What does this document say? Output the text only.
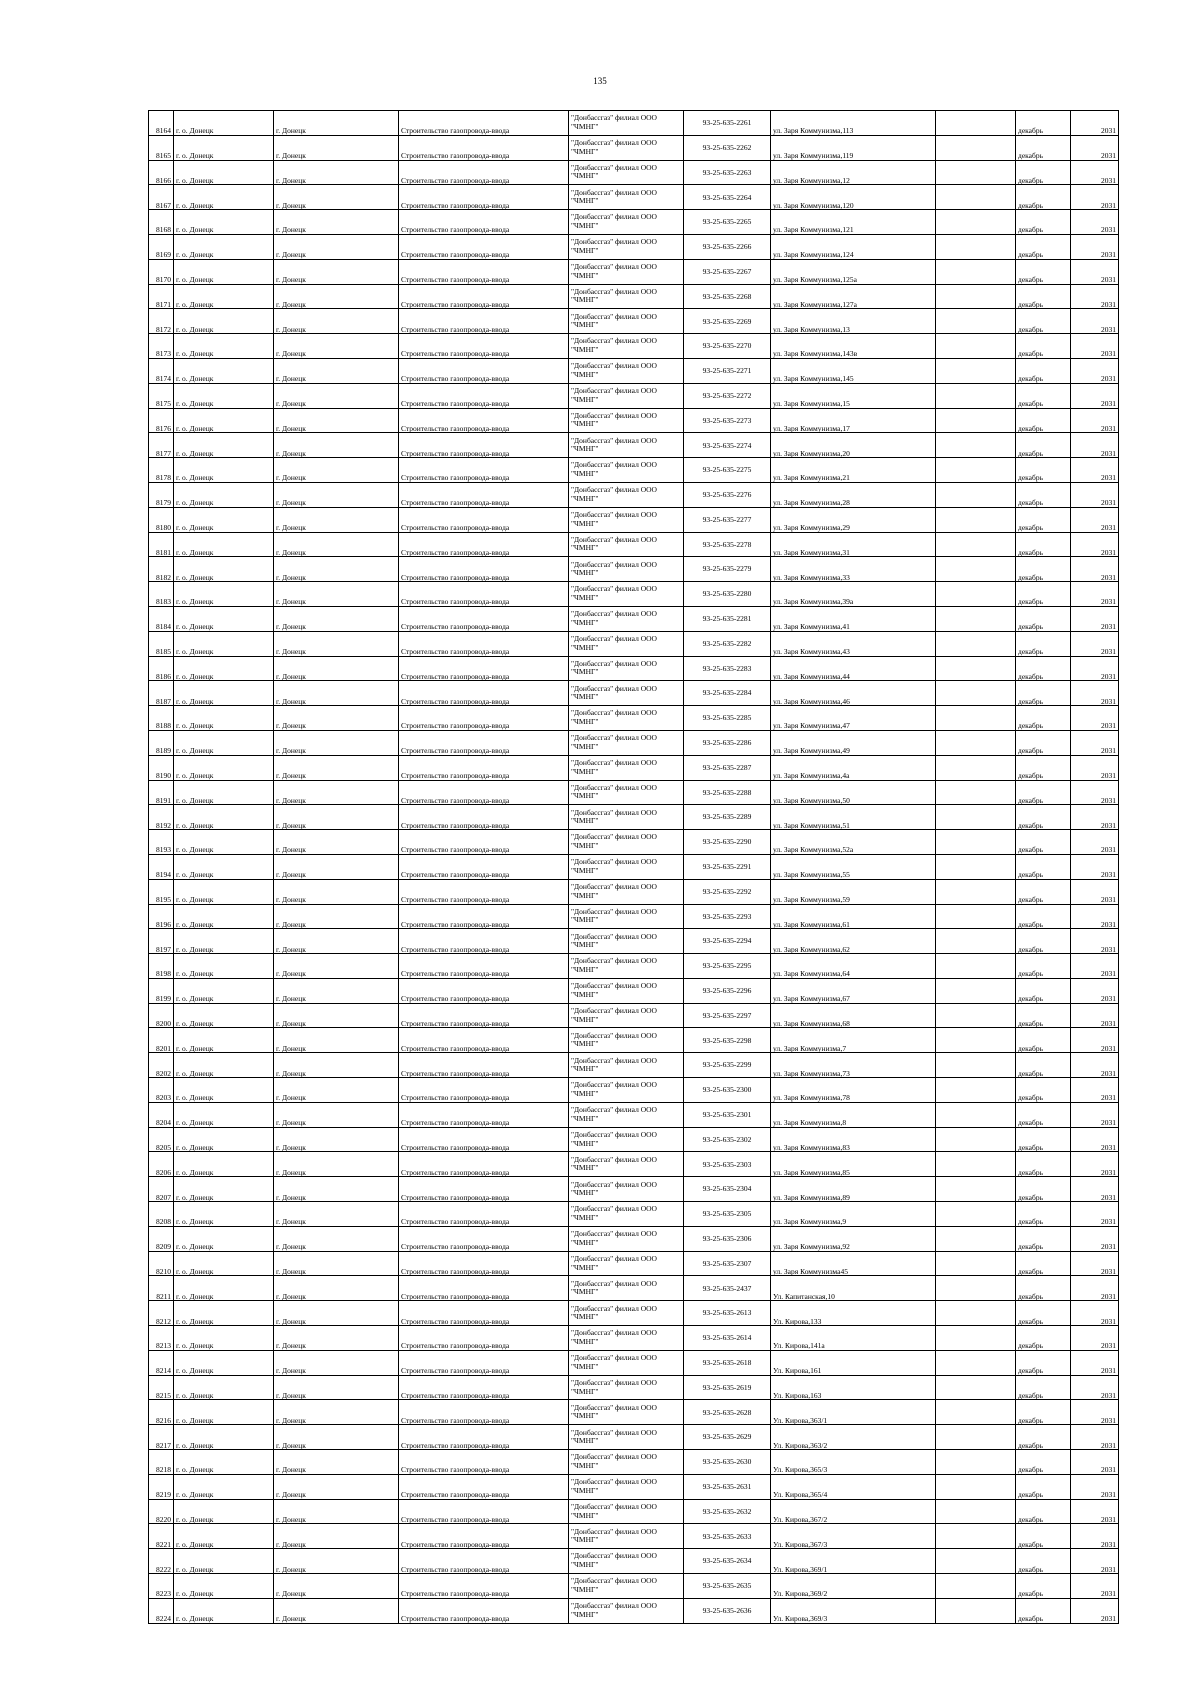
135
8164	г. о. Донецк	г. Донецк	Строительство газопровода-ввода	"Донбассгаз" филиал ООО "ЧМНГ"	93-25-635-2261	ул. Заря Коммунизма,113		декабрь	2031
8165	г. о. Донецк	г. Донецк	Строительство газопровода-ввода	"Донбассгаз" филиал ООО "ЧМНГ"	93-25-635-2262	ул. Заря Коммунизма,119		декабрь	2031
8166	г. о. Донецк	г. Донецк	Строительство газопровода-ввода	"Донбассгаз" филиал ООО "ЧМНГ"	93-25-635-2263	ул. Заря Коммунизма,12		декабрь	2031
8167	г. о. Донецк	г. Донецк	Строительство газопровода-ввода	"Донбассгаз" филиал ООО "ЧМНГ"	93-25-635-2264	ул. Заря Коммунизма,120		декабрь	2031
8168	г. о. Донецк	г. Донецк	Строительство газопровода-ввода	"Донбассгаз" филиал ООО "ЧМНГ"	93-25-635-2265	ул. Заря Коммунизма,121		декабрь	2031
8169	г. о. Донецк	г. Донецк	Строительство газопровода-ввода	"Донбассгаз" филиал ООО "ЧМНГ"	93-25-635-2266	ул. Заря Коммунизма,124		декабрь	2031
8170	г. о. Донецк	г. Донецк	Строительство газопровода-ввода	"Донбассгаз" филиал ООО "ЧМНГ"	93-25-635-2267	ул. Заря Коммунизма,125а		декабрь	2031
8171	г. о. Донецк	г. Донецк	Строительство газопровода-ввода	"Донбассгаз" филиал ООО "ЧМНГ"	93-25-635-2268	ул. Заря Коммунизма,127а		декабрь	2031
8172	г. о. Донецк	г. Донецк	Строительство газопровода-ввода	"Донбассгаз" филиал ООО "ЧМНГ"	93-25-635-2269	ул. Заря Коммунизма,13		декабрь	2031
8173	г. о. Донецк	г. Донецк	Строительство газопровода-ввода	"Донбассгаз" филиал ООО "ЧМНГ"	93-25-635-2270	ул. Заря Коммунизма,143в		декабрь	2031
8174	г. о. Донецк	г. Донецк	Строительство газопровода-ввода	"Донбассгаз" филиал ООО "ЧМНГ"	93-25-635-2271	ул. Заря Коммунизма,145		декабрь	2031
8175	г. о. Донецк	г. Донецк	Строительство газопровода-ввода	"Донбассгаз" филиал ООО "ЧМНГ"	93-25-635-2272	ул. Заря Коммунизма,15		декабрь	2031
8176	г. о. Донецк	г. Донецк	Строительство газопровода-ввода	"Донбассгаз" филиал ООО "ЧМНГ"	93-25-635-2273	ул. Заря Коммунизма,17		декабрь	2031
8177	г. о. Донецк	г. Донецк	Строительство газопровода-ввода	"Донбассгаз" филиал ООО "ЧМНГ"	93-25-635-2274	ул. Заря Коммунизма,20		декабрь	2031
8178	г. о. Донецк	г. Донецк	Строительство газопровода-ввода	"Донбассгаз" филиал ООО "ЧМНГ"	93-25-635-2275	ул. Заря Коммунизма,21		декабрь	2031
8179	г. о. Донецк	г. Донецк	Строительство газопровода-ввода	"Донбассгаз" филиал ООО "ЧМНГ"	93-25-635-2276	ул. Заря Коммунизма,28		декабрь	2031
8180	г. о. Донецк	г. Донецк	Строительство газопровода-ввода	"Донбассгаз" филиал ООО "ЧМНГ"	93-25-635-2277	ул. Заря Коммунизма,29		декабрь	2031
8181	г. о. Донецк	г. Донецк	Строительство газопровода-ввода	"Донбассгаз" филиал ООО "ЧМНГ"	93-25-635-2278	ул. Заря Коммунизма,31		декабрь	2031
8182	г. о. Донецк	г. Донецк	Строительство газопровода-ввода	"Донбассгаз" филиал ООО "ЧМНГ"	93-25-635-2279	ул. Заря Коммунизма,33		декабрь	2031
8183	г. о. Донецк	г. Донецк	Строительство газопровода-ввода	"Донбассгаз" филиал ООО "ЧМНГ"	93-25-635-2280	ул. Заря Коммунизма,39а		декабрь	2031
8184	г. о. Донецк	г. Донецк	Строительство газопровода-ввода	"Донбассгаз" филиал ООО "ЧМНГ"	93-25-635-2281	ул. Заря Коммунизма,41		декабрь	2031
8185	г. о. Донецк	г. Донецк	Строительство газопровода-ввода	"Донбассгаз" филиал ООО "ЧМНГ"	93-25-635-2282	ул. Заря Коммунизма,43		декабрь	2031
8186	г. о. Донецк	г. Донецк	Строительство газопровода-ввода	"Донбассгаз" филиал ООО "ЧМНГ"	93-25-635-2283	ул. Заря Коммунизма,44		декабрь	2031
8187	г. о. Донецк	г. Донецк	Строительство газопровода-ввода	"Донбассгаз" филиал ООО "ЧМНГ"	93-25-635-2284	ул. Заря Коммунизма,46		декабрь	2031
8188	г. о. Донецк	г. Донецк	Строительство газопровода-ввода	"Донбассгаз" филиал ООО "ЧМНГ"	93-25-635-2285	ул. Заря Коммунизма,47		декабрь	2031
8189	г. о. Донецк	г. Донецк	Строительство газопровода-ввода	"Донбассгаз" филиал ООО "ЧМНГ"	93-25-635-2286	ул. Заря Коммунизма,49		декабрь	2031
8190	г. о. Донецк	г. Донецк	Строительство газопровода-ввода	"Донбассгаз" филиал ООО "ЧМНГ"	93-25-635-2287	ул. Заря Коммунизма,4а		декабрь	2031
8191	г. о. Донецк	г. Донецк	Строительство газопровода-ввода	"Донбассгаз" филиал ООО "ЧМНГ"	93-25-635-2288	ул. Заря Коммунизма,50		декабрь	2031
8192	г. о. Донецк	г. Донецк	Строительство газопровода-ввода	"Донбассгаз" филиал ООО "ЧМНГ"	93-25-635-2289	ул. Заря Коммунизма,51		декабрь	2031
8193	г. о. Донецк	г. Донецк	Строительство газопровода-ввода	"Донбассгаз" филиал ООО "ЧМНГ"	93-25-635-2290	ул. Заря Коммунизма,52а		декабрь	2031
8194	г. о. Донецк	г. Донецк	Строительство газопровода-ввода	"Донбассгаз" филиал ООО "ЧМНГ"	93-25-635-2291	ул. Заря Коммунизма,55		декабрь	2031
8195	г. о. Донецк	г. Донецк	Строительство газопровода-ввода	"Донбассгаз" филиал ООО "ЧМНГ"	93-25-635-2292	ул. Заря Коммунизма,59		декабрь	2031
8196	г. о. Донецк	г. Донецк	Строительство газопровода-ввода	"Донбассгаз" филиал ООО "ЧМНГ"	93-25-635-2293	ул. Заря Коммунизма,61		декабрь	2031
8197	г. о. Донецк	г. Донецк	Строительство газопровода-ввода	"Донбассгаз" филиал ООО "ЧМНГ"	93-25-635-2294	ул. Заря Коммунизма,62		декабрь	2031
8198	г. о. Донецк	г. Донецк	Строительство газопровода-ввода	"Донбассгаз" филиал ООО "ЧМНГ"	93-25-635-2295	ул. Заря Коммунизма,64		декабрь	2031
8199	г. о. Донецк	г. Донецк	Строительство газопровода-ввода	"Донбассгаз" филиал ООО "ЧМНГ"	93-25-635-2296	ул. Заря Коммунизма,67		декабрь	2031
8200	г. о. Донецк	г. Донецк	Строительство газопровода-ввода	"Донбассгаз" филиал ООО "ЧМНГ"	93-25-635-2297	ул. Заря Коммунизма,68		декабрь	2031
8201	г. о. Донецк	г. Донецк	Строительство газопровода-ввода	"Донбассгаз" филиал ООО "ЧМНГ"	93-25-635-2298	ул. Заря Коммунизма,7		декабрь	2031
8202	г. о. Донецк	г. Донецк	Строительство газопровода-ввода	"Донбассгаз" филиал ООО "ЧМНГ"	93-25-635-2299	ул. Заря Коммунизма,73		декабрь	2031
8203	г. о. Донецк	г. Донецк	Строительство газопровода-ввода	"Донбассгаз" филиал ООО "ЧМНГ"	93-25-635-2300	ул. Заря Коммунизма,78		декабрь	2031
8204	г. о. Донецк	г. Донецк	Строительство газопровода-ввода	"Донбассгаз" филиал ООО "ЧМНГ"	93-25-635-2301	ул. Заря Коммунизма,8		декабрь	2031
8205	г. о. Донецк	г. Донецк	Строительство газопровода-ввода	"Донбассгаз" филиал ООО "ЧМНГ"	93-25-635-2302	ул. Заря Коммунизма,83		декабрь	2031
8206	г. о. Донецк	г. Донецк	Строительство газопровода-ввода	"Донбассгаз" филиал ООО "ЧМНГ"	93-25-635-2303	ул. Заря Коммунизма,85		декабрь	2031
8207	г. о. Донецк	г. Донецк	Строительство газопровода-ввода	"Донбассгаз" филиал ООО "ЧМНГ"	93-25-635-2304	ул. Заря Коммунизма,89		декабрь	2031
8208	г. о. Донецк	г. Донецк	Строительство газопровода-ввода	"Донбассгаз" филиал ООО "ЧМНГ"	93-25-635-2305	ул. Заря Коммунизма,9		декабрь	2031
8209	г. о. Донецк	г. Донецк	Строительство газопровода-ввода	"Донбассгаз" филиал ООО "ЧМНГ"	93-25-635-2306	ул. Заря Коммунизма,92		декабрь	2031
8210	г. о. Донецк	г. Донецк	Строительство газопровода-ввода	"Донбассгаз" филиал ООО "ЧМНГ"	93-25-635-2307	ул. Заря Коммунизма45		декабрь	2031
8211	г. о. Донецк	г. Донецк	Строительство газопровода-ввода	"Донбассгаз" филиал ООО "ЧМНГ"	93-25-635-2437	Ул. Капитанская,10		декабрь	2031
8212	г. о. Донецк	г. Донецк	Строительство газопровода-ввода	"Донбассгаз" филиал ООО "ЧМНГ"	93-25-635-2613	Ул. Кирова,133		декабрь	2031
8213	г. о. Донецк	г. Донецк	Строительство газопровода-ввода	"Донбассгаз" филиал ООО "ЧМНГ"	93-25-635-2614	Ул. Кирова,141а		декабрь	2031
8214	г. о. Донецк	г. Донецк	Строительство газопровода-ввода	"Донбассгаз" филиал ООО "ЧМНГ"	93-25-635-2618	Ул. Кирова,161		декабрь	2031
8215	г. о. Донецк	г. Донецк	Строительство газопровода-ввода	"Донбассгаз" филиал ООО "ЧМНГ"	93-25-635-2619	Ул. Кирова,163		декабрь	2031
8216	г. о. Донецк	г. Донецк	Строительство газопровода-ввода	"Донбассгаз" филиал ООО "ЧМНГ"	93-25-635-2628	Ул. Кирова,363/1		декабрь	2031
8217	г. о. Донецк	г. Донецк	Строительство газопровода-ввода	"Донбассгаз" филиал ООО "ЧМНГ"	93-25-635-2629	Ул. Кирова,363/2		декабрь	2031
8218	г. о. Донецк	г. Донецк	Строительство газопровода-ввода	"Донбассгаз" филиал ООО "ЧМНГ"	93-25-635-2630	Ул. Кирова,365/3		декабрь	2031
8219	г. о. Донецк	г. Донецк	Строительство газопровода-ввода	"Донбассгаз" филиал ООО "ЧМНГ"	93-25-635-2631	Ул. Кирова,365/4		декабрь	2031
8220	г. о. Донецк	г. Донецк	Строительство газопровода-ввода	"Донбассгаз" филиал ООО "ЧМНГ"	93-25-635-2632	Ул. Кирова,367/2		декабрь	2031
8221	г. о. Донецк	г. Донецк	Строительство газопровода-ввода	"Донбассгаз" филиал ООО "ЧМНГ"	93-25-635-2633	Ул. Кирова,367/3		декабрь	2031
8222	г. о. Донецк	г. Донецк	Строительство газопровода-ввода	"Донбассгаз" филиал ООО "ЧМНГ"	93-25-635-2634	Ул. Кирова,369/1		декабрь	2031
8223	г. о. Донецк	г. Донецк	Строительство газопровода-ввода	"Донбассгаз" филиал ООО "ЧМНГ"	93-25-635-2635	Ул. Кирова,369/2		декабрь	2031
8224	г. о. Донецк	г. Донецк	Строительство газопровода-ввода	"Донбассгаз" филиал ООО "ЧМНГ"	93-25-635-2636	Ул. Кирова,369/3		декабрь	2031
